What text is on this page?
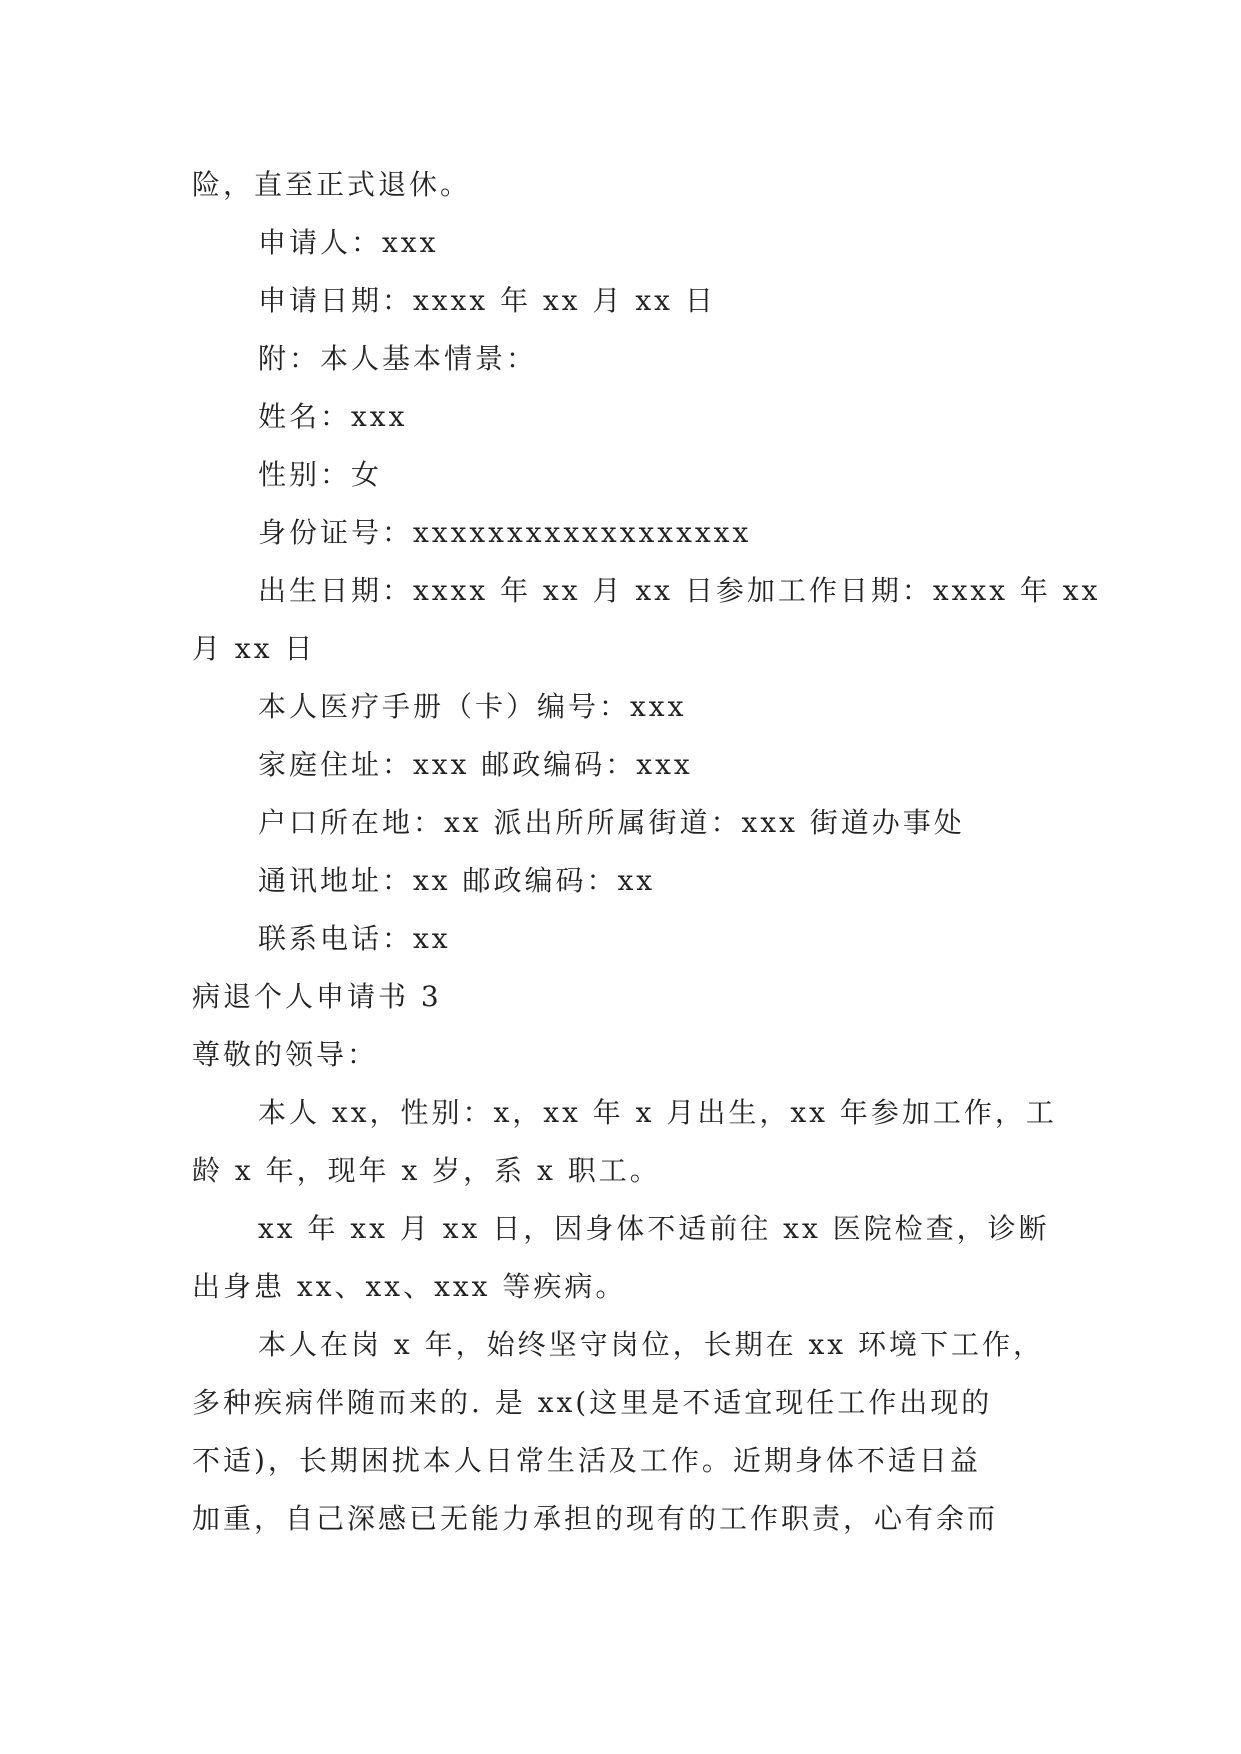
险，直至正式退休。

申请人：xxx

申请日期：xxxx 年 xx 月 xx 日

附：本人基本情景：

姓名：xxx

性别：女

身份证号：xxxxxxxxxxxxxxxxxx

出生日期：xxxx 年 xx 月 xx 日参加工作日期：xxxx 年 xx

月 xx 日

本人医疗手册（卡）编号：xxx

家庭住址：xxx 邮政编码：xxx

户口所在地：xx 派出所所属街道：xxx 街道办事处

通讯地址：xx 邮政编码：xx

联系电话：xx

病退个人申请书 3

尊敬的领导：

本人 xx，性别：x，xx 年 x 月出生，xx 年参加工作，工

龄 x 年，现年 x 岁，系 x 职工。

xx 年 xx 月 xx 日，因身体不适前往 xx 医院检查，诊断

出身患 xx、xx、xxx 等疾病。

本人在岗 x 年，始终坚守岗位，长期在 xx 环境下工作，

多种疾病伴随而来的. 是 xx(这里是不适宜现任工作出现的

不适)，长期困扰本人日常生活及工作。近期身体不适日益

加重，自己深感已无能力承担的现有的工作职责，心有余而
